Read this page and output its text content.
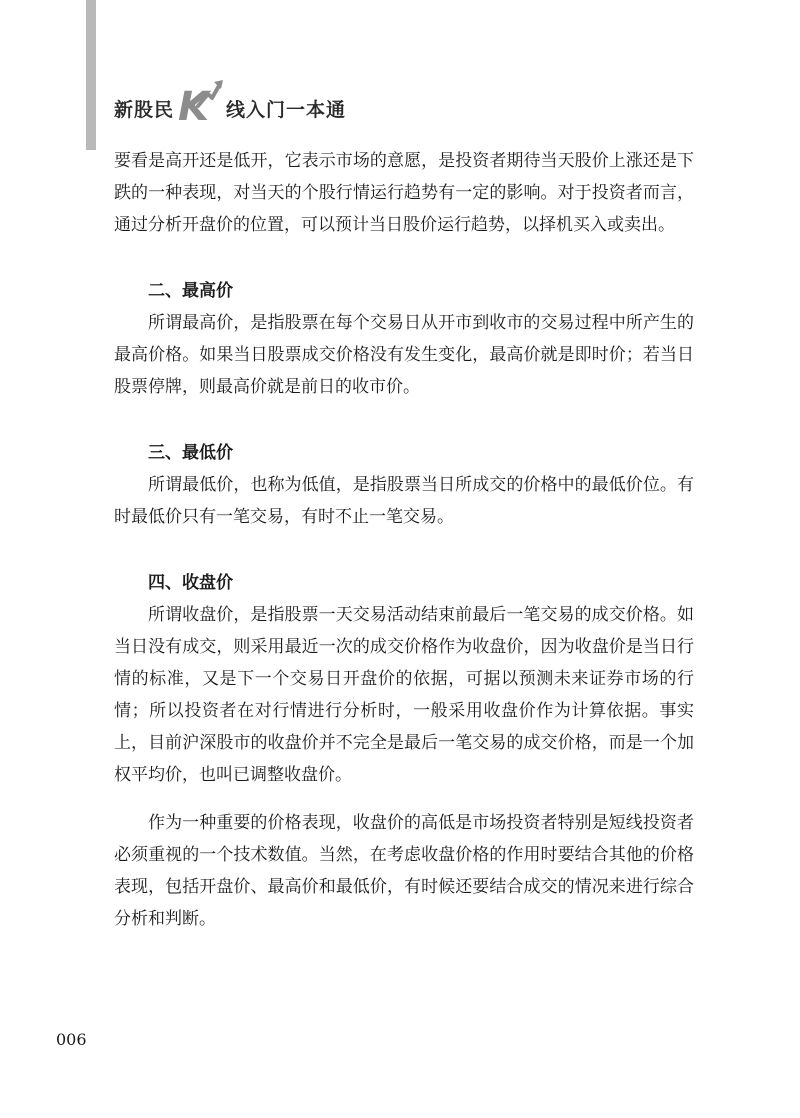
新股民 K 线入门一本通

要看是高开还是低开，它表示市场的意愿，是投资者期待当天股价上涨还是下跌的一种表现，对当天的个股行情运行趋势有一定的影响。对于投资者而言，通过分析开盘价的位置，可以预计当日股价运行趋势，以择机买入或卖出。

二、最高价

所谓最高价，是指股票在每个交易日从开市到收市的交易过程中所产生的最高价格。如果当日股票成交价格没有发生变化，最高价就是即时价；若当日股票停牌，则最高价就是前日的收市价。

三、最低价

所谓最低价，也称为低值，是指股票当日所成交的价格中的最低价位。有时最低价只有一笔交易，有时不止一笔交易。

四、收盘价

所谓收盘价，是指股票一天交易活动结束前最后一笔交易的成交价格。如当日没有成交，则采用最近一次的成交价格作为收盘价，因为收盘价是当日行情的标准，又是下一个交易日开盘价的依据，可据以预测未来证券市场的行情；所以投资者在对行情进行分析时，一般采用收盘价作为计算依据。事实上，目前沪深股市的收盘价并不完全是最后一笔交易的成交价格，而是一个加权平均价，也叫已调整收盘价。

作为一种重要的价格表现，收盘价的高低是市场投资者特别是短线投资者必须重视的一个技术数值。当然，在考虑收盘价格的作用时要结合其他的价格表现，包括开盘价、最高价和最低价，有时候还要结合成交的情况来进行综合分析和判断。

006
